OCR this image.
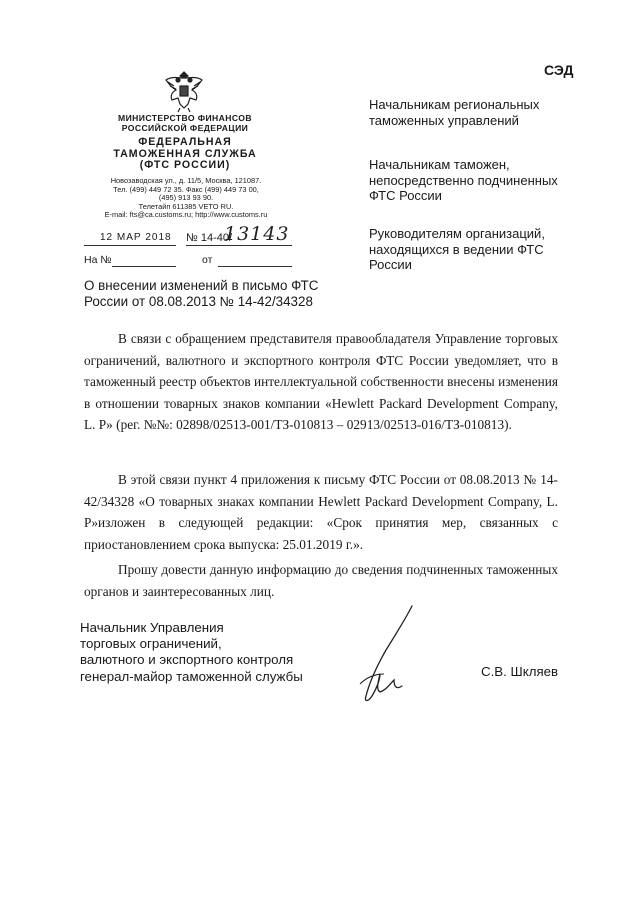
МИНИСТЕРСТВО ФИНАНСОВ
РОССИЙСКОЙ ФЕДЕРАЦИИ
ФЕДЕРАЛЬНАЯ
ТАМОЖЕННАЯ СЛУЖБА
(ФТС РОССИИ)
Новозаводская ул., д. 11/5, Москва, 121087.
Тел. (499) 449 72 35. Факс (499) 449 73 00,
(495) 913 93 90.
Телетайп 611385 VETO RU.
E-mail: fts@ca.customs.ru; http://www.customs.ru
12 МАР 2018 № 14-40/
13143
На №	от
СЭД
Начальникам региональных таможенных управлений
Начальникам таможен, непосредственно подчиненных ФТС России
Руководителям организаций, находящихся в ведении ФТС России
О внесении изменений в письмо ФТС России от 08.08.2013 № 14-42/34328
В связи с обращением представителя правообладателя Управление торговых ограничений, валютного и экспортного контроля ФТС России уведомляет, что в таможенный реестр объектов интеллектуальной собственности внесены изменения в отношении товарных знаков компании «Hewlett Packard Development Company, L. P» (рег. №№: 02898/02513-001/ТЗ-010813 – 02913/02513-016/ТЗ-010813).
В этой связи пункт 4 приложения к письму ФТС России от 08.08.2013 № 14-42/34328 «О товарных знаках компании Hewlett Packard Development Company, L. P»изложен в следующей редакции: «Срок принятия мер, связанных с приостановлением срока выпуска: 25.01.2019 г.».
Прошу довести данную информацию до сведения подчиненных таможенных органов и заинтересованных лиц.
Начальник Управления
торговых ограничений,
валютного и экспортного контроля
генерал-майор таможенной службы	С.В. Шкляев
